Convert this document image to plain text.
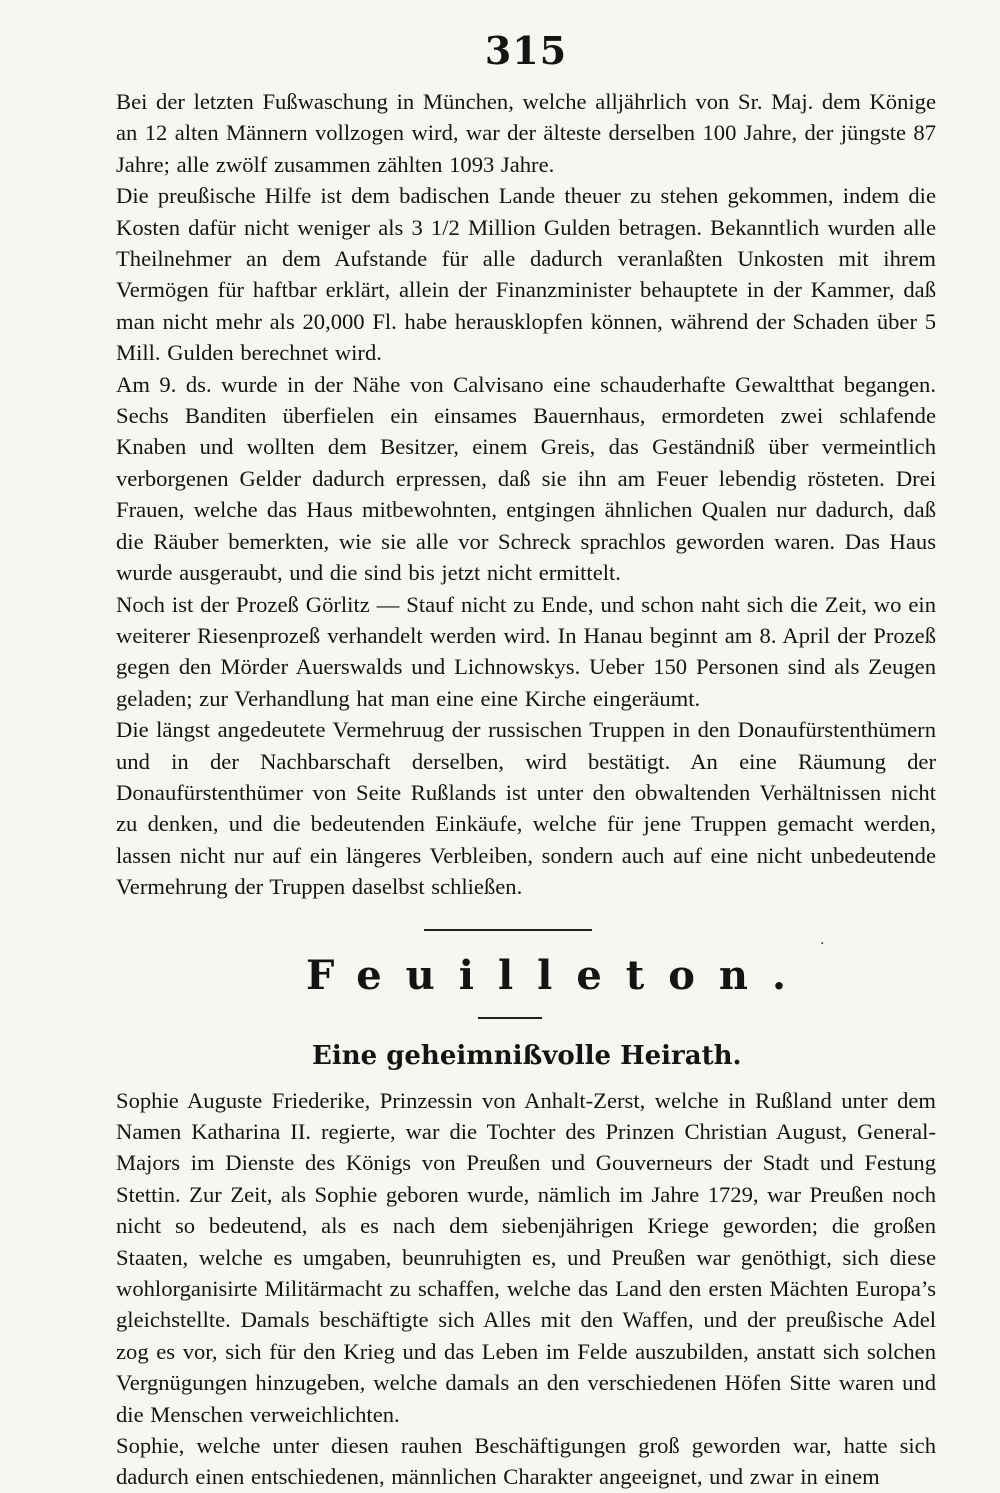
315

Bei der letzten Fußwaschung in München, welche alljährlich von Sr. Maj. dem Könige an 12 alten Männern vollzogen wird, war der älteste derselben 100 Jahre, der jüngste 87 Jahre; alle zwölf zusammen zählten 1093 Jahre.

Die preußische Hilfe ist dem badischen Lande theuer zu stehen gekommen, indem die Kosten dafür nicht weniger als 3 1/2 Million Gulden betragen. Bekanntlich wurden alle Theilnehmer an dem Aufstande für alle dadurch veranlaßten Unkosten mit ihrem Vermögen für haftbar erklärt, allein der Finanzminister behauptete in der Kammer, daß man nicht mehr als 20,000 Fl. habe herausklopfen können, während der Schaden über 5 Mill. Gulden berechnet wird.

Am 9. ds. wurde in der Nähe von Calvisano eine schauderhafte Gewaltthat begangen. Sechs Banditen überfielen ein einsames Bauernhaus, ermordeten zwei schlafende Knaben und wollten dem Besitzer, einem Greis, das Geständniß über vermeintlich verborgenen Gelder dadurch erpressen, daß sie ihn am Feuer lebendig rösteten. Drei Frauen, welche das Haus mitbewohnten, entgingen ähnlichen Qualen nur dadurch, daß die Räuber bemerkten, wie sie alle vor Schreck sprachlos geworden waren. Das Haus wurde ausgeraubt, und die sind bis jetzt nicht ermittelt.

Noch ist der Prozeß Görlitz — Stauf nicht zu Ende, und schon naht sich die Zeit, wo ein weiterer Riesenprozeß verhandelt werden wird. In Hanau beginnt am 8. April der Prozeß gegen den Mörder Auerswalds und Lichnowskys. Ueber 150 Personen sind als Zeugen geladen; zur Verhandlung hat man eine eine Kirche eingeräumt.

Die längst angedeutete Vermehruug der russischen Truppen in den Donaufürstenthümern und in der Nachbarschaft derselben, wird bestätigt. An eine Räumung der Donaufürstenthümer von Seite Rußlands ist unter den obwaltenden Verhältnissen nicht zu denken, und die bedeutenden Einkäufe, welche für jene Truppen gemacht werden, lassen nicht nur auf ein längeres Verbleiben, sondern auch auf eine nicht unbedeutende Vermehrung der Truppen daselbst schließen.

Feuilleton.
Eine geheimnißvolle Heirath.

Sophie Auguste Friederike, Prinzessin von Anhalt-Zerst, welche in Rußland unter dem Namen Katharina II. regierte, war die Tochter des Prinzen Christian August, General-Majors im Dienste des Königs von Preußen und Gouverneurs der Stadt und Festung Stettin. Zur Zeit, als Sophie geboren wurde, nämlich im Jahre 1729, war Preußen noch nicht so bedeutend, als es nach dem siebenjährigen Kriege geworden; die großen Staaten, welche es umgaben, beunruhigten es, und Preußen war genöthigt, sich diese wohlorganisirte Militärmacht zu schaffen, welche das Land den ersten Mächten Europa’s gleichstellte. Damals beschäftigte sich Alles mit den Waffen, und der preußische Adel zog es vor, sich für den Krieg und das Leben im Felde auszubilden, anstatt sich solchen Vergnügungen hinzugeben, welche damals an den verschiedenen Höfen Sitte waren und die Menschen verweichlichten.

Sophie, welche unter diesen rauhen Beschäftigungen groß geworden war, hatte sich dadurch einen entschiedenen, männlichen Charakter angeeignet, und zwar in einem

·
